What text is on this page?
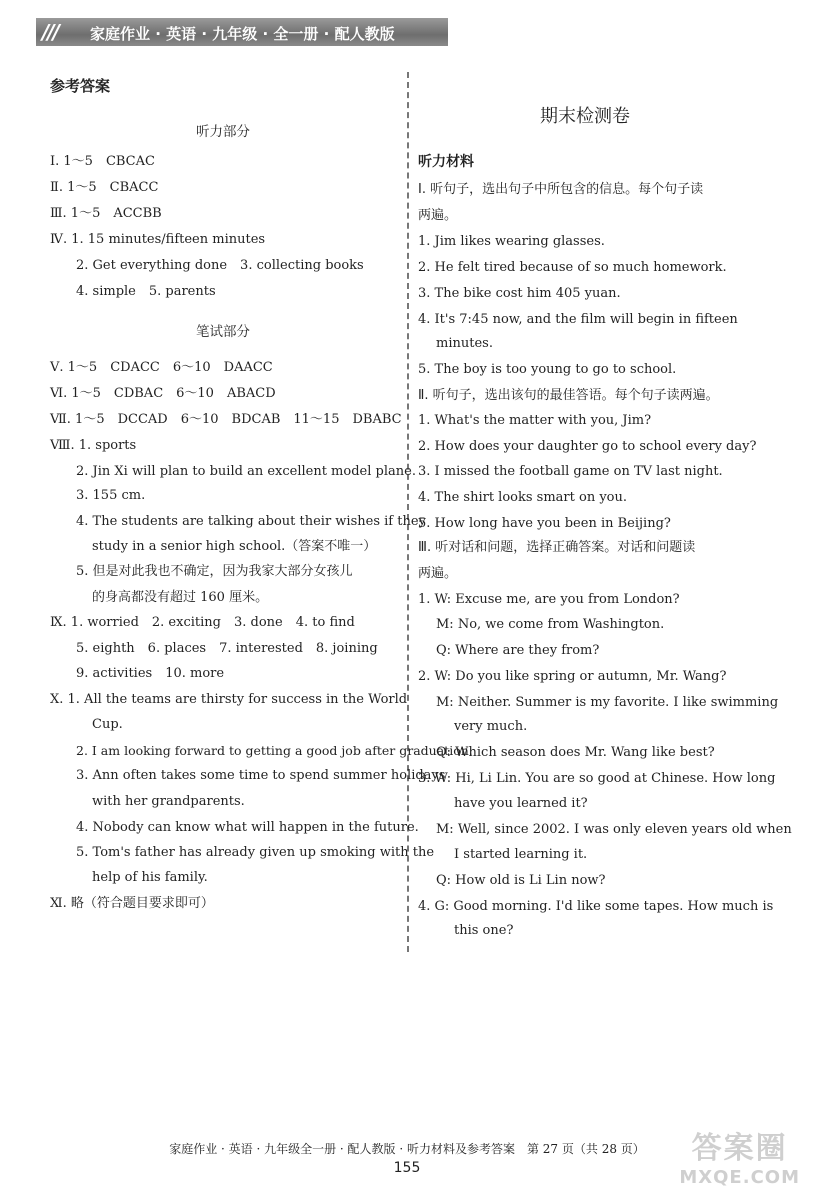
/// 家庭作业 · 英语 · 九年级 · 全一册 · 配人教版
参考答案
听力部分
Ⅰ. 1～5　CBCAC
Ⅱ. 1～5　CBACC
Ⅲ. 1～5　ACCBB
Ⅳ. 1. 15 minutes/fifteen minutes
2. Get everything done　3. collecting books
4. simple　5. parents
笔试部分
Ⅴ. 1～5　CDACC　6～10　DAACC
Ⅵ. 1～5　CDBAC　6～10　ABACD
Ⅶ. 1～5　DCCAD　6～10　BDCAB　11～15　DBABC
Ⅷ. 1. sports
2. Jin Xi will plan to build an excellent model plane.
3. 155 cm.
4. The students are talking about their wishes if they
study in a senior high school.（答案不唯一）
5. 但是对此我也不确定，因为我家大部分女孩儿
的身高都没有超过 160 厘米。
Ⅸ. 1. worried　2. exciting　3. done　4. to find
5. eighth　6. places　7. interested　8. joining
9. activities　10. more
Ⅹ. 1. All the teams are thirsty for success in the World
Cup.
2. I am looking forward to getting a good job after graduation.
3. Ann often takes some time to spend summer holidays
with her grandparents.
4. Nobody can know what will happen in the future.
5. Tom's father has already given up smoking with the
help of his family.
Ⅺ. 略（符合题目要求即可）
期末检测卷
听力材料
Ⅰ. 听句子，选出句子中所包含的信息。每个句子读
两遍。
1. Jim likes wearing glasses.
2. He felt tired because of so much homework.
3. The bike cost him 405 yuan.
4. It's 7:45 now, and the film will begin in fifteen
minutes.
5. The boy is too young to go to school.
Ⅱ. 听句子，选出该句的最佳答语。每个句子读两遍。
1. What's the matter with you, Jim?
2. How does your daughter go to school every day?
3. I missed the football game on TV last night.
4. The shirt looks smart on you.
5. How long have you been in Beijing?
Ⅲ. 听对话和问题，选择正确答案。对话和问题读
两遍。
1. W: Excuse me, are you from London?
M: No, we come from Washington.
Q: Where are they from?
2. W: Do you like spring or autumn, Mr. Wang?
M: Neither. Summer is my favorite. I like swimming
very much.
Q: Which season does Mr. Wang like best?
3. W: Hi, Li Lin. You are so good at Chinese. How long
have you learned it?
M: Well, since 2002. I was only eleven years old when
I started learning it.
Q: How old is Li Lin now?
4. G: Good morning. I'd like some tapes. How much is
this one?
家庭作业 · 英语 · 九年级全一册 · 配人教版 · 听力材料及参考答案　第 27 页（共 28 页）
155
答案圈
MXQE.COM
